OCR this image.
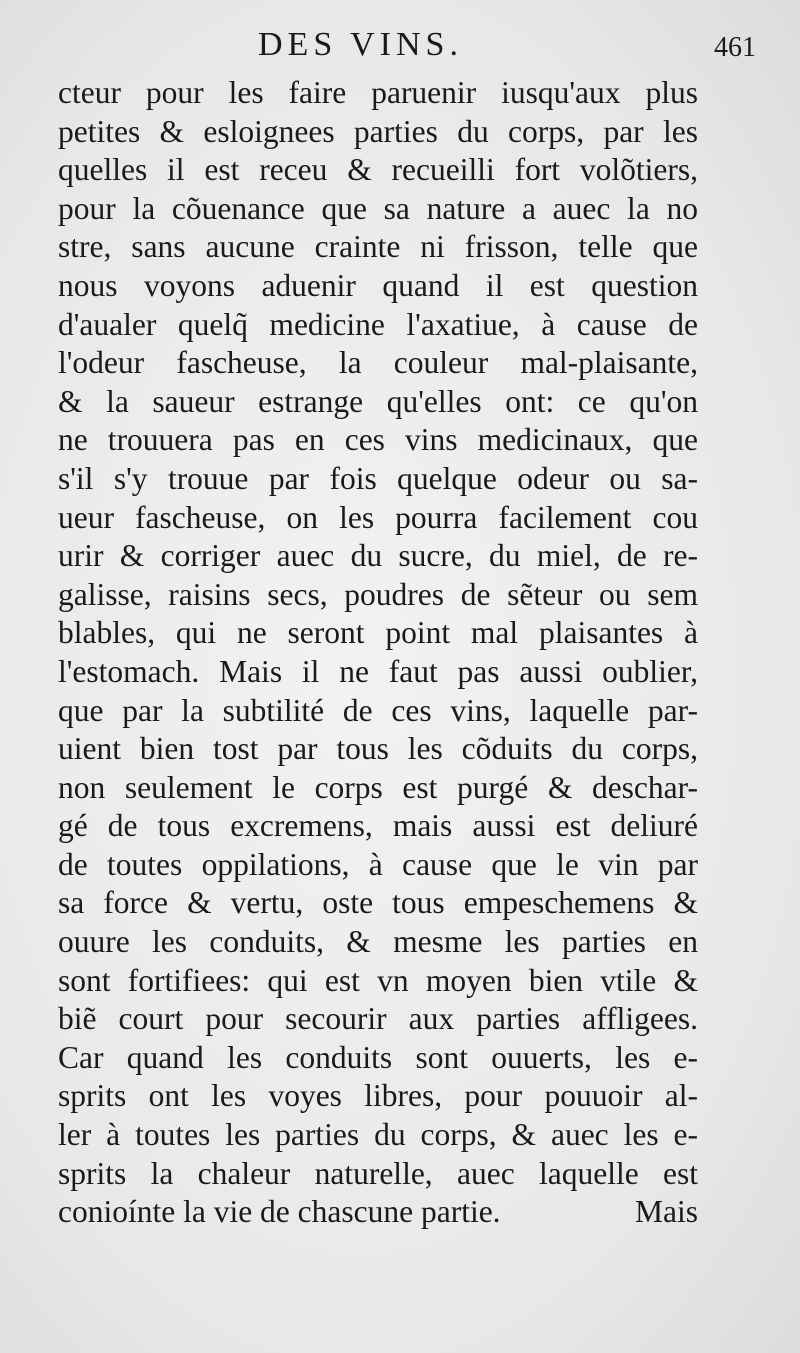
DES VINS.	461
cteur pour les faire paruenir iusqu'aux plus
petites & esloignees parties du corps, par les
quelles il est receu & recueilli fort volõtiers,
pour la cõuenance que sa nature a auec la no
stre, sans aucune crainte ni frisson, telle que
nous voyons aduenir quand il est question
d'aualer quelq̃ medicine l'axatiue, à cause de
l'odeur fascheuse, la couleur mal-plaisante,
& la saueur estrange qu'elles ont: ce qu'on
ne trouuera pas en ces vins medicinaux, que
s'il s'y trouue par fois quelque odeur ou sa-
ueur fascheuse, on les pourra facilement cou
urir & corriger auec du sucre, du miel, de re-
galisse, raisins secs, poudres de sẽteur ou sem
blables, qui ne seront point mal plaisantes à
l'estomach. Mais il ne faut pas aussi oublier,
que par la subtilité de ces vins, laquelle par-
uient bien tost par tous les cõduits du corps,
non seulement le corps est purgé & deschar-
gé de tous excremens, mais aussi est deliuré
de toutes oppilations, à cause que le vin par
sa force & vertu, oste tous empeschemens &
ouure les conduits, & mesme les parties en
sont fortifiees: qui est vn moyen bien vtile &
biẽ court pour secourir aux parties affligees.
Car quand les conduits sont ouuerts, les e-
sprits ont les voyes libres, pour pouuoir al-
ler à toutes les parties du corps, & auec les e-
sprits la chaleur naturelle, auec laquelle est
conioínte la vie de chascune partie.	Mais
